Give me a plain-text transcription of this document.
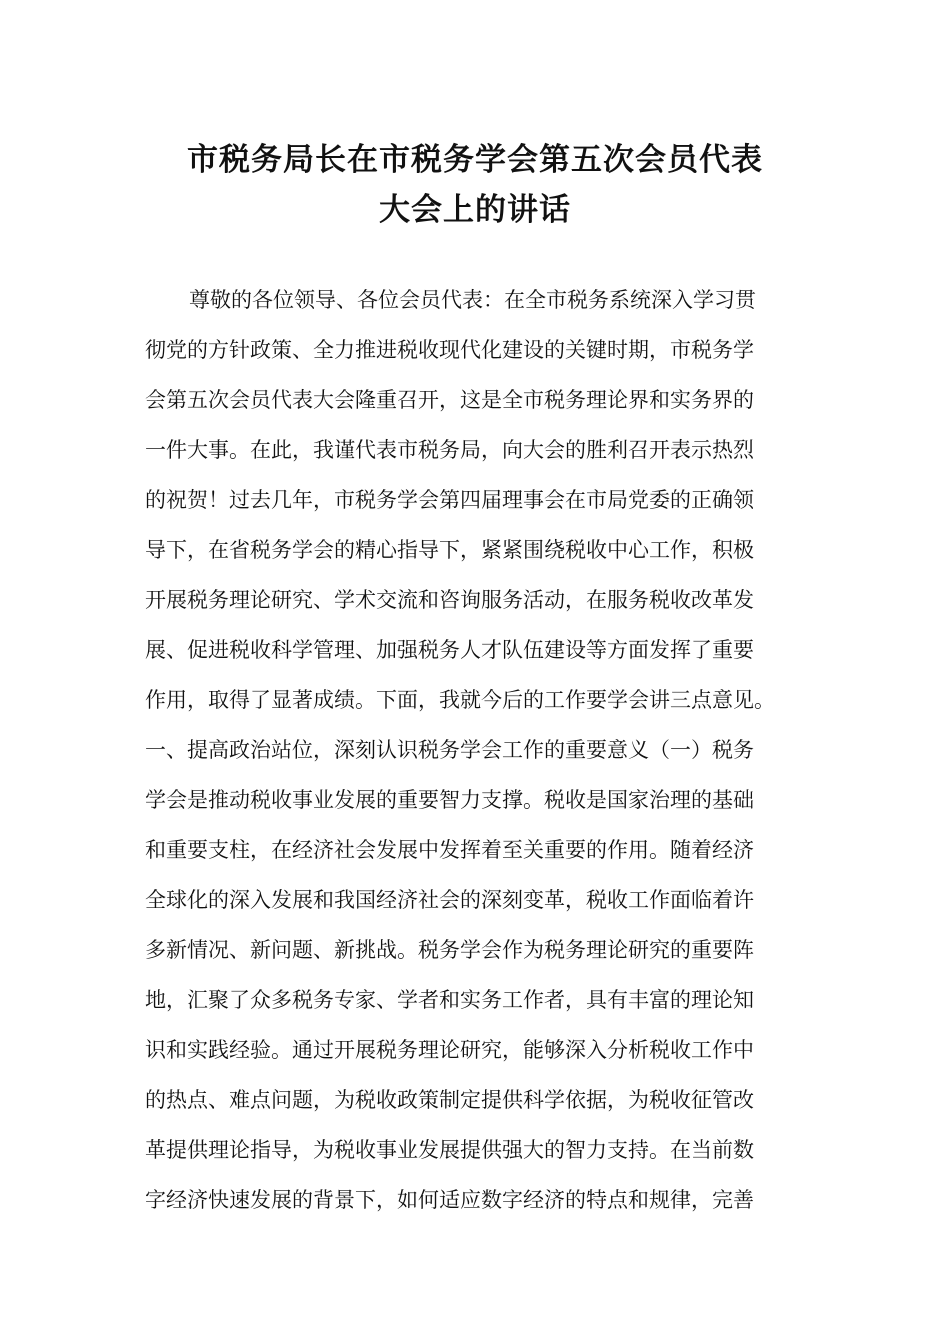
市税务局长在市税务学会第五次会员代表
大会上的讲话
尊敬的各位领导、各位会员代表：在全市税务系统深入学习贯
彻党的方针政策、全力推进税收现代化建设的关键时期，市税务学
会第五次会员代表大会隆重召开，这是全市税务理论界和实务界的
一件大事。在此，我谨代表市税务局，向大会的胜利召开表示热烈
的祝贺！过去几年，市税务学会第四届理事会在市局党委的正确领
导下，在省税务学会的精心指导下，紧紧围绕税收中心工作，积极
开展税务理论研究、学术交流和咨询服务活动，在服务税收改革发
展、促进税收科学管理、加强税务人才队伍建设等方面发挥了重要
作用，取得了显著成绩。下面，我就今后的工作要学会讲三点意见。
一、提高政治站位，深刻认识税务学会工作的重要意义（一）税务
学会是推动税收事业发展的重要智力支撑。税收是国家治理的基础
和重要支柱，在经济社会发展中发挥着至关重要的作用。随着经济
全球化的深入发展和我国经济社会的深刻变革，税收工作面临着许
多新情况、新问题、新挑战。税务学会作为税务理论研究的重要阵
地，汇聚了众多税务专家、学者和实务工作者，具有丰富的理论知
识和实践经验。通过开展税务理论研究，能够深入分析税收工作中
的热点、难点问题，为税收政策制定提供科学依据，为税收征管改
革提供理论指导，为税收事业发展提供强大的智力支持。在当前数
字经济快速发展的背景下，如何适应数字经济的特点和规律，完善
